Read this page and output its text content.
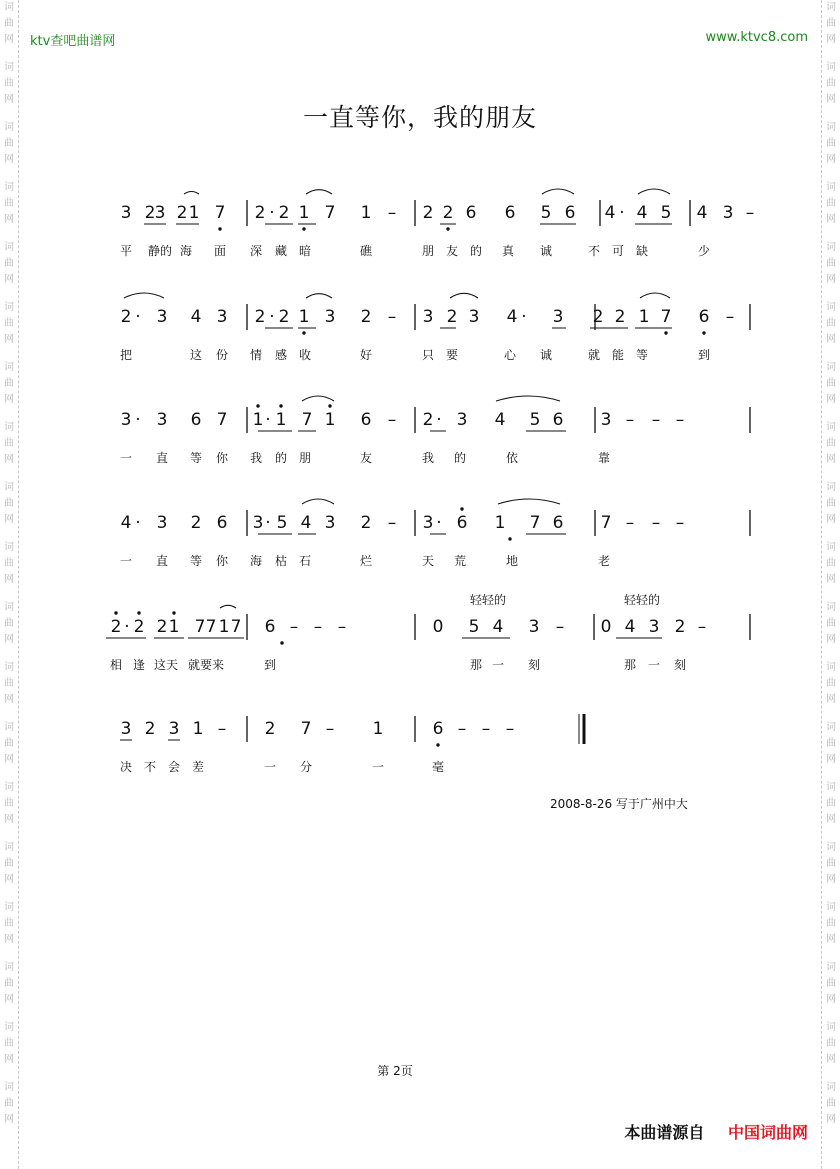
词
曲
网
词
曲
网
词
曲
网
词
曲
网
词
曲
网
词
曲
网
词
曲
网
词
曲
网
词
曲
网
词
曲
网
词
曲
网
词
曲
网
词
曲
网
词
曲
网
词
曲
网
词
曲
网
词
曲
网
词
曲
网
词
曲
网
词
曲
网
词
曲
网
词
曲
网
词
曲
网
词
曲
网
词
曲
网
词
曲
网
词
曲
网
词
曲
网
词
曲
网
词
曲
网
词
曲
网
词
曲
网
词
曲
网
词
曲
网
词
曲
网
词
曲
网
词
曲
网
词
曲
网
ktv查吧曲谱网	www.ktvc8.com
一直等你，我的朋友
3 2 3 2 1 7 2 · 2 1 7 1 – 2 2 6 6 5 6 4 · 4 5 4 3 –
平 静的 海 面 深 藏 暗	礁	朋 友 的 真 诚	不 可 缺	少
2 · 3 4 3 2 · 2 1 3 2 – 3 2 3 4 · 3 2 2 1 7 6 –
把	这 份 情 感 收	好	只 要	心 诚	就 能 等	到
3 · 3 6 7 1 · 1 7 1 6 – 2 · 3 4 5 6 3 – – –
一 直 等 你 我 的 朋	友	我 的	依	靠
4 · 3 2 6 3 · 5 4 3 2 – 3 · 6 1 7 6 7 – – –
一 直 等 你 海 枯 石	烂	天 荒	地	老
2 · 2 2 1 7 7 1 7 6 – – –	0 5 4 3 – 0 4 3 2 –
相 逢 这天 就要来	到	那 一 刻	那 一 刻
轻轻的	轻轻的
3 2 3 1 – 2 7 – 1	6 – – –
决 不 会 差	一 分	一	毫
2008-8-26 写于广州中大
第 2页
本曲谱源自 中国词曲网
